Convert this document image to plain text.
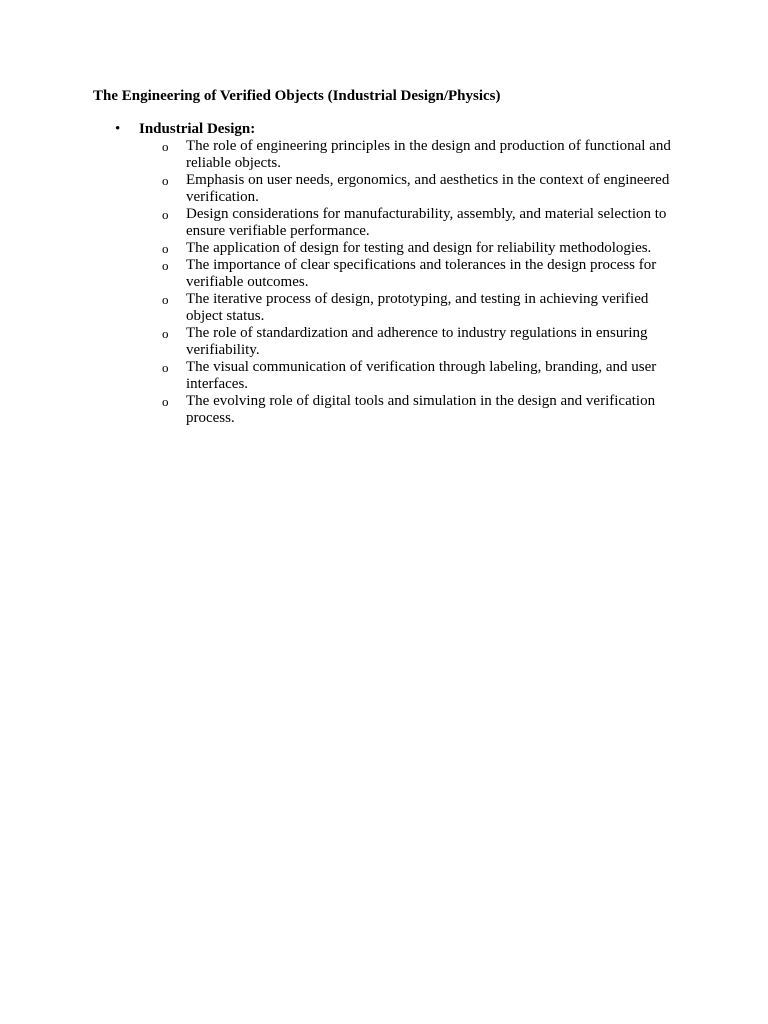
The Engineering of Verified Objects (Industrial Design/Physics)
• Industrial Design:
o The role of engineering principles in the design and production of functional and reliable objects.
o Emphasis on user needs, ergonomics, and aesthetics in the context of engineered verification.
o Design considerations for manufacturability, assembly, and material selection to ensure verifiable performance.
o The application of design for testing and design for reliability methodologies.
o The importance of clear specifications and tolerances in the design process for verifiable outcomes.
o The iterative process of design, prototyping, and testing in achieving verified object status.
o The role of standardization and adherence to industry regulations in ensuring verifiability.
o The visual communication of verification through labeling, branding, and user interfaces.
o The evolving role of digital tools and simulation in the design and verification process.
